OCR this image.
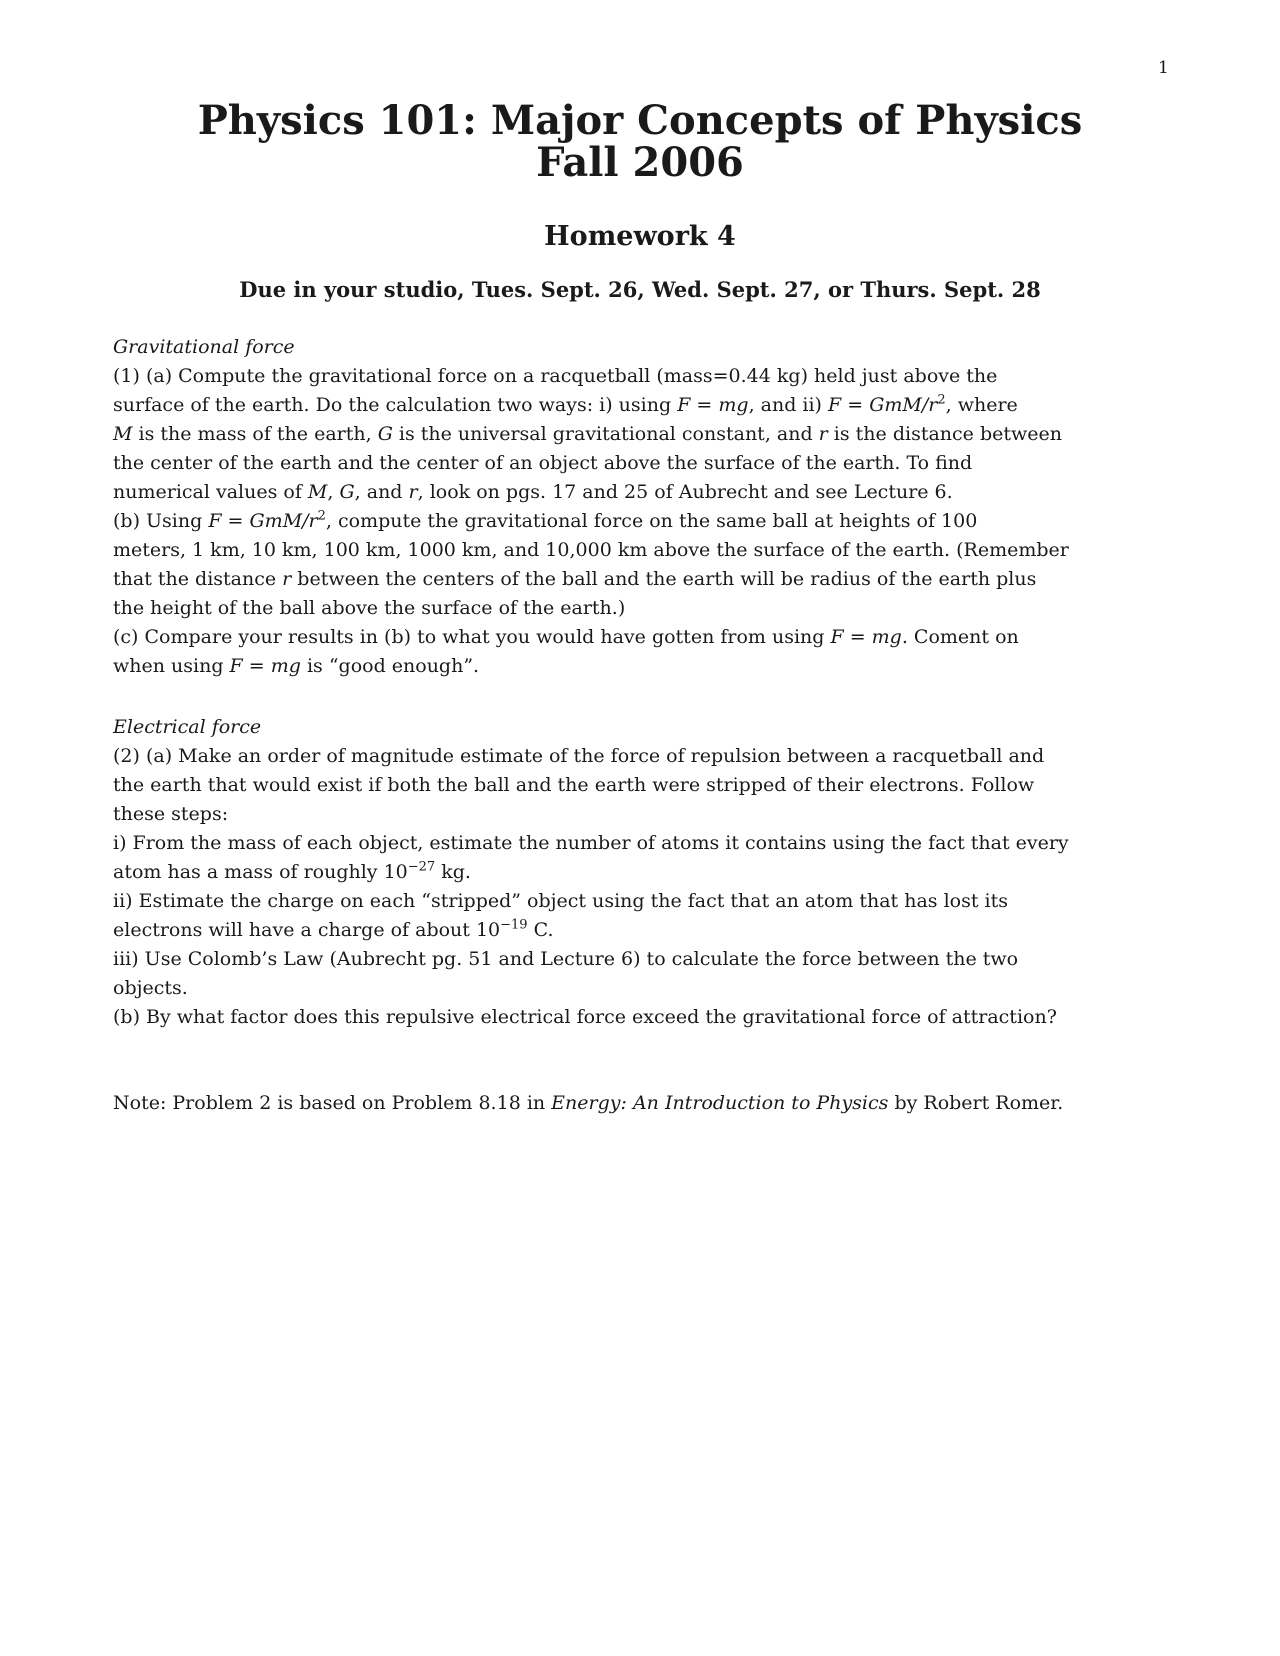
1
Physics 101: Major Concepts of Physics
Fall 2006
Homework 4
Due in your studio, Tues. Sept. 26, Wed. Sept. 27, or Thurs. Sept. 28
Gravitational force
(1) (a) Compute the gravitational force on a racquetball (mass=0.44 kg) held just above the
surface of the earth. Do the calculation two ways: i) using F = mg, and ii) F = GmM/$r^2$, where
M is the mass of the earth, G is the universal gravitational constant, and r is the distance between
the center of the earth and the center of an object above the surface of the earth. To find
numerical values of M, G, and r, look on pgs. 17 and 25 of Aubrecht and see Lecture 6.
(b) Using F = GmM/$r^2$, compute the gravitational force on the same ball at heights of 100
meters, 1 km, 10 km, 100 km, 1000 km, and 10,000 km above the surface of the earth. (Remember
that the distance r between the centers of the ball and the earth will be radius of the earth plus
the height of the ball above the surface of the earth.)
(c) Compare your results in (b) to what you would have gotten from using F = mg. Coment on
when using F = mg is “good enough”.
Electrical force
(2) (a) Make an order of magnitude estimate of the force of repulsion between a racquetball and
the earth that would exist if both the ball and the earth were stripped of their electrons. Follow
these steps:
i) From the mass of each object, estimate the number of atoms it contains using the fact that every
atom has a mass of roughly $10^{-27}$ kg.
ii) Estimate the charge on each “stripped” object using the fact that an atom that has lost its
electrons will have a charge of about $10^{-19}$ C.
iii) Use Colomb’s Law (Aubrecht pg. 51 and Lecture 6) to calculate the force between the two
objects.
(b) By what factor does this repulsive electrical force exceed the gravitational force of attraction?
Note: Problem 2 is based on Problem 8.18 in Energy: An Introduction to Physics by Robert Romer.
